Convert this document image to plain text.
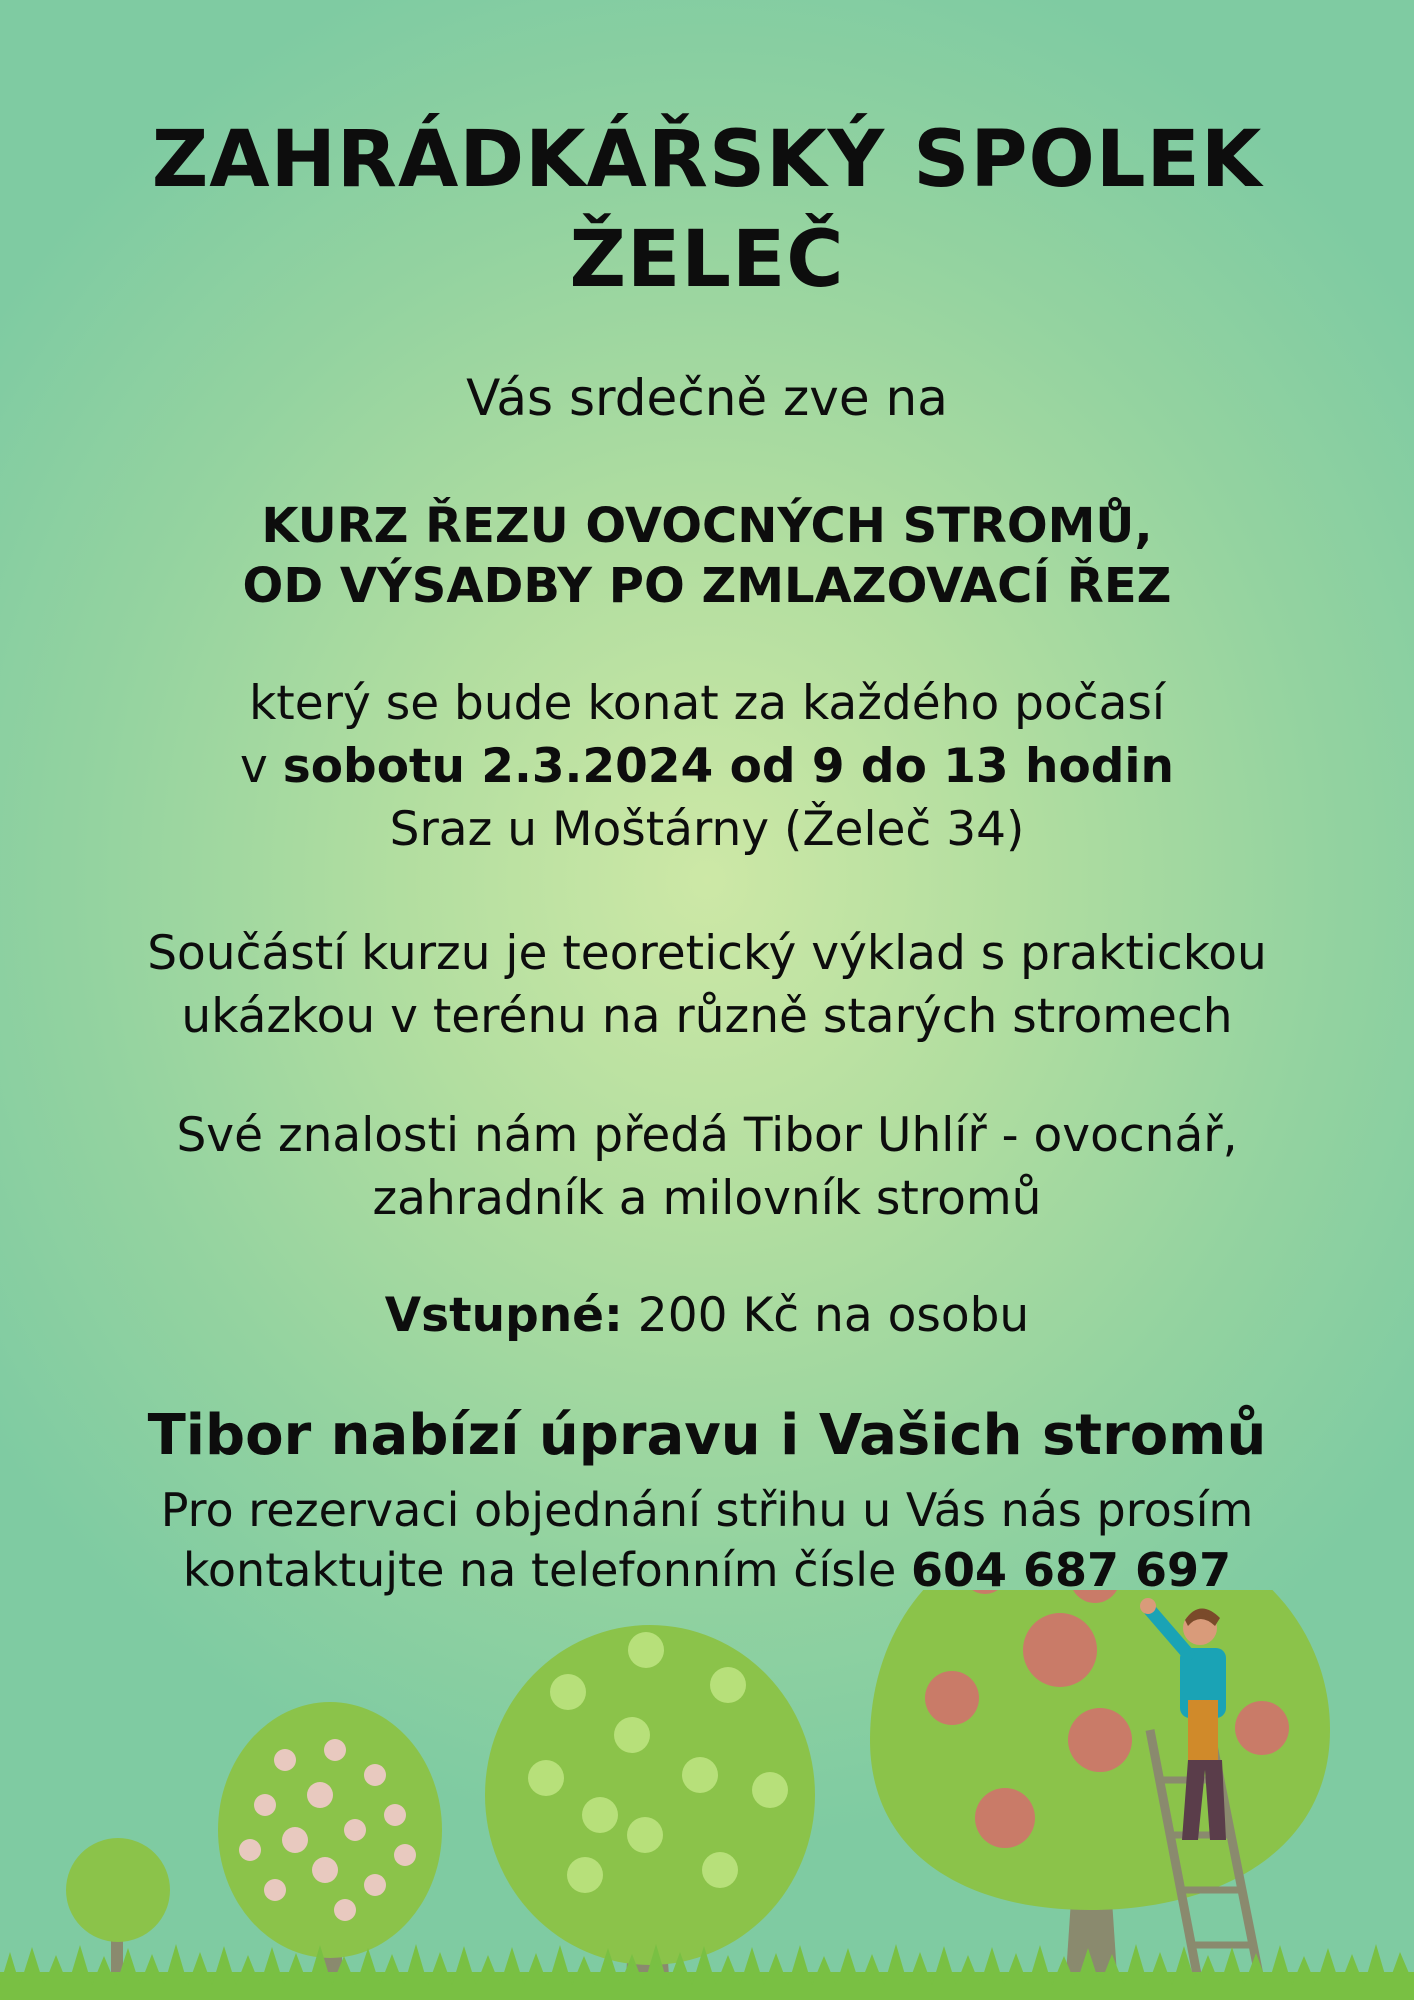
ZAHRÁDKÁŘSKÝ SPOLEK
ŽELEČ
Vás srdečně zve na
KURZ ŘEZU OVOCNÝCH STROMŮ,
OD VÝSADBY PO ZMLAZOVACÍ ŘEZ
který se bude konat za každého počasí
v sobotu 2.3.2024 od 9 do 13 hodin
Sraz u Moštárny (Želeč 34)
Součástí kurzu je teoretický výklad s praktickou
ukázkou v terénu na různě starých stromech
Své znalosti nám předá Tibor Uhlíř - ovocnář,
zahradník a milovník stromů
Vstupné: 200 Kč na osobu
Tibor nabízí úpravu i Vašich stromů
Pro rezervaci objednání střihu u Vás nás prosím
kontaktujte na telefonním čísle 604 687 697
